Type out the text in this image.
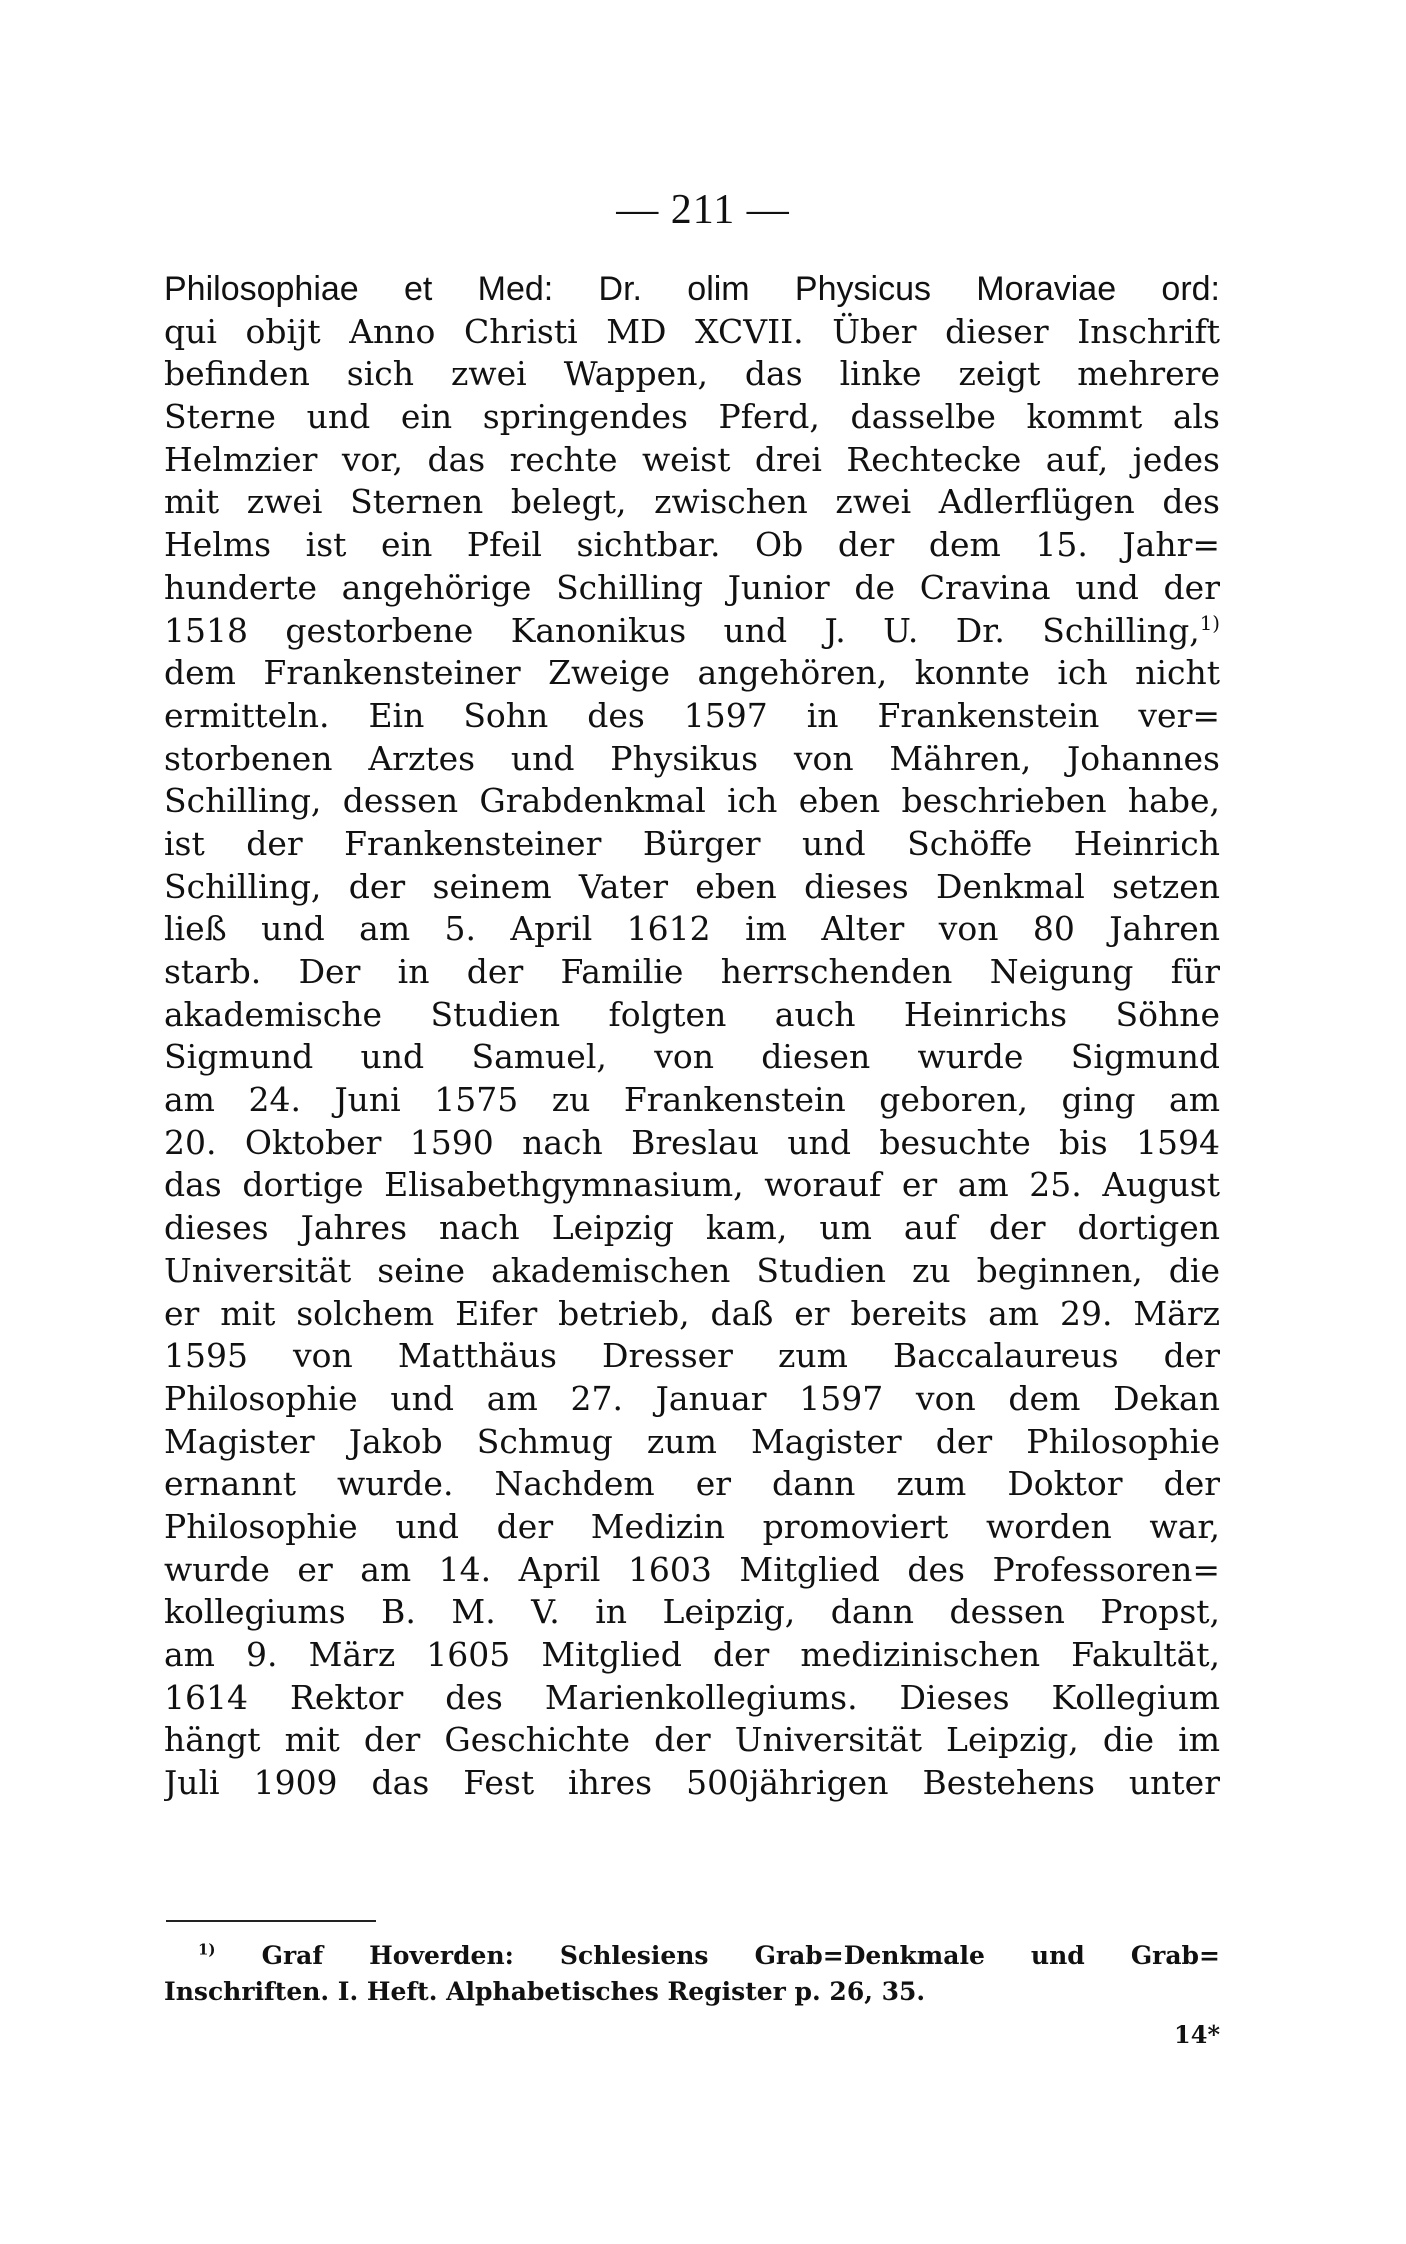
— 211 —
Philosophiae et Med: Dr. olim Physicus Moraviae ord:
qui obijt Anno Christi MD XCVII. Über dieser Inschrift
befinden sich zwei Wappen, das linke zeigt mehrere
Sterne und ein springendes Pferd, dasselbe kommt als
Helmzier vor, das rechte weist drei Rechtecke auf, jedes
mit zwei Sternen belegt, zwischen zwei Adlerflügen des
Helms ist ein Pfeil sichtbar. Ob der dem 15. Jahr=
hunderte angehörige Schilling Junior de Cravina und der
1518 gestorbene Kanonikus und J. U. Dr. Schilling,$^{1)}$
dem Frankensteiner Zweige angehören, konnte ich nicht
ermitteln. Ein Sohn des 1597 in Frankenstein ver=
storbenen Arztes und Physikus von Mähren, Johannes
Schilling, dessen Grabdenkmal ich eben beschrieben habe,
ist der Frankensteiner Bürger und Schöffe Heinrich
Schilling, der seinem Vater eben dieses Denkmal setzen
ließ und am 5. April 1612 im Alter von 80 Jahren
starb. Der in der Familie herrschenden Neigung für
akademische Studien folgten auch Heinrichs Söhne
Sigmund und Samuel, von diesen wurde Sigmund
am 24. Juni 1575 zu Frankenstein geboren, ging am
20. Oktober 1590 nach Breslau und besuchte bis 1594
das dortige Elisabethgymnasium, worauf er am 25. August
dieses Jahres nach Leipzig kam, um auf der dortigen
Universität seine akademischen Studien zu beginnen, die
er mit solchem Eifer betrieb, daß er bereits am 29. März
1595 von Matthäus Dresser zum Baccalaureus der
Philosophie und am 27. Januar 1597 von dem Dekan
Magister Jakob Schmug zum Magister der Philosophie
ernannt wurde. Nachdem er dann zum Doktor der
Philosophie und der Medizin promoviert worden war,
wurde er am 14. April 1603 Mitglied des Professoren=
kollegiums B. M. V. in Leipzig, dann dessen Propst,
am 9. März 1605 Mitglied der medizinischen Fakultät,
1614 Rektor des Marienkollegiums. Dieses Kollegium
hängt mit der Geschichte der Universität Leipzig, die im
Juli 1909 das Fest ihres 500jährigen Bestehens unter
$^{1)}$ Graf Hoverden: Schlesiens Grab=Denkmale und Grab=
Inschriften. I. Heft. Alphabetisches Register p. 26, 35.
14*
